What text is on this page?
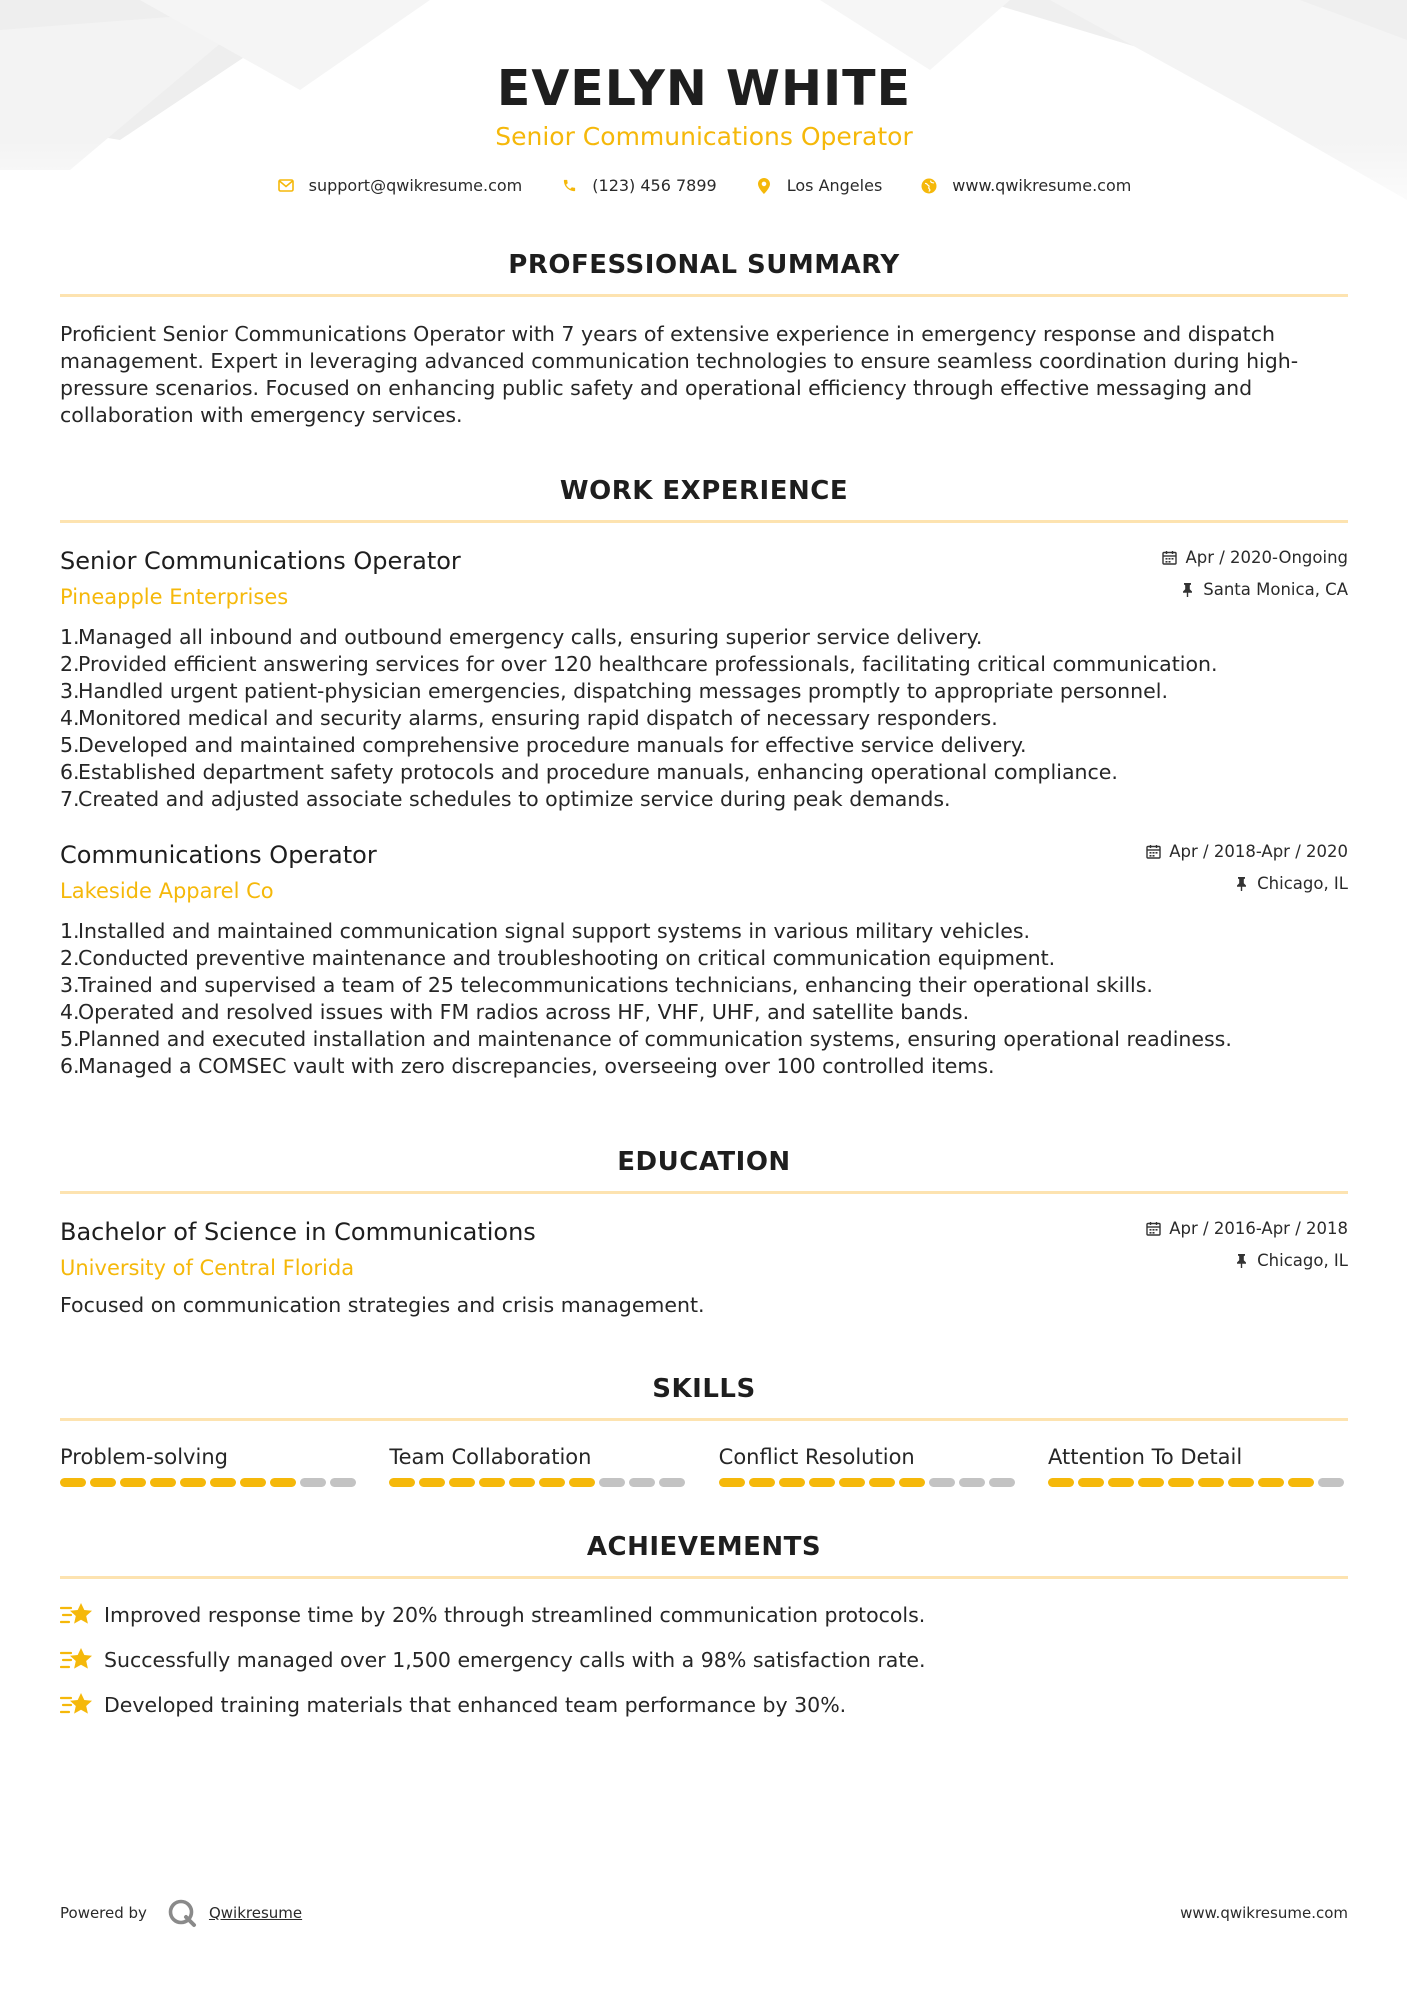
EVELYN WHITE
Senior Communications Operator
support@qwikresume.com	(123) 456 7899	Los Angeles	www.qwikresume.com
PROFESSIONAL SUMMARY
Proficient Senior Communications Operator with 7 years of extensive experience in emergency response and dispatch
management. Expert in leveraging advanced communication technologies to ensure seamless coordination during high-
pressure scenarios. Focused on enhancing public safety and operational efficiency through effective messaging and
collaboration with emergency services.
WORK EXPERIENCE
Senior Communications Operator
Pineapple Enterprises
Apr / 2020-Ongoing
Santa Monica, CA
1.
Managed all inbound and outbound emergency calls, ensuring superior service delivery.
2.
Provided efficient answering services for over 120 healthcare professionals, facilitating critical communication.
3.
Handled urgent patient-physician emergencies, dispatching messages promptly to appropriate personnel.
4.
Monitored medical and security alarms, ensuring rapid dispatch of necessary responders.
5.
Developed and maintained comprehensive procedure manuals for effective service delivery.
6.
Established department safety protocols and procedure manuals, enhancing operational compliance.
7.
Created and adjusted associate schedules to optimize service during peak demands.
Communications Operator
Lakeside Apparel Co
Apr / 2018-Apr / 2020
Chicago, IL
1.
Installed and maintained communication signal support systems in various military vehicles.
2.
Conducted preventive maintenance and troubleshooting on critical communication equipment.
3.
Trained and supervised a team of 25 telecommunications technicians, enhancing their operational skills.
4.
Operated and resolved issues with FM radios across HF, VHF, UHF, and satellite bands.
5.
Planned and executed installation and maintenance of communication systems, ensuring operational readiness.
6.
Managed a COMSEC vault with zero discrepancies, overseeing over 100 controlled items.
EDUCATION
Bachelor of Science in Communications
University of Central Florida
Apr / 2016-Apr / 2018
Chicago, IL
Focused on communication strategies and crisis management.
SKILLS
Problem-solving	Team Collaboration	Conflict Resolution	Attention To Detail
ACHIEVEMENTS
Improved response time by 20% through streamlined communication protocols.
Successfully managed over 1,500 emergency calls with a 98% satisfaction rate.
Developed training materials that enhanced team performance by 30%.
Powered by	Qwikresume	www.qwikresume.com
